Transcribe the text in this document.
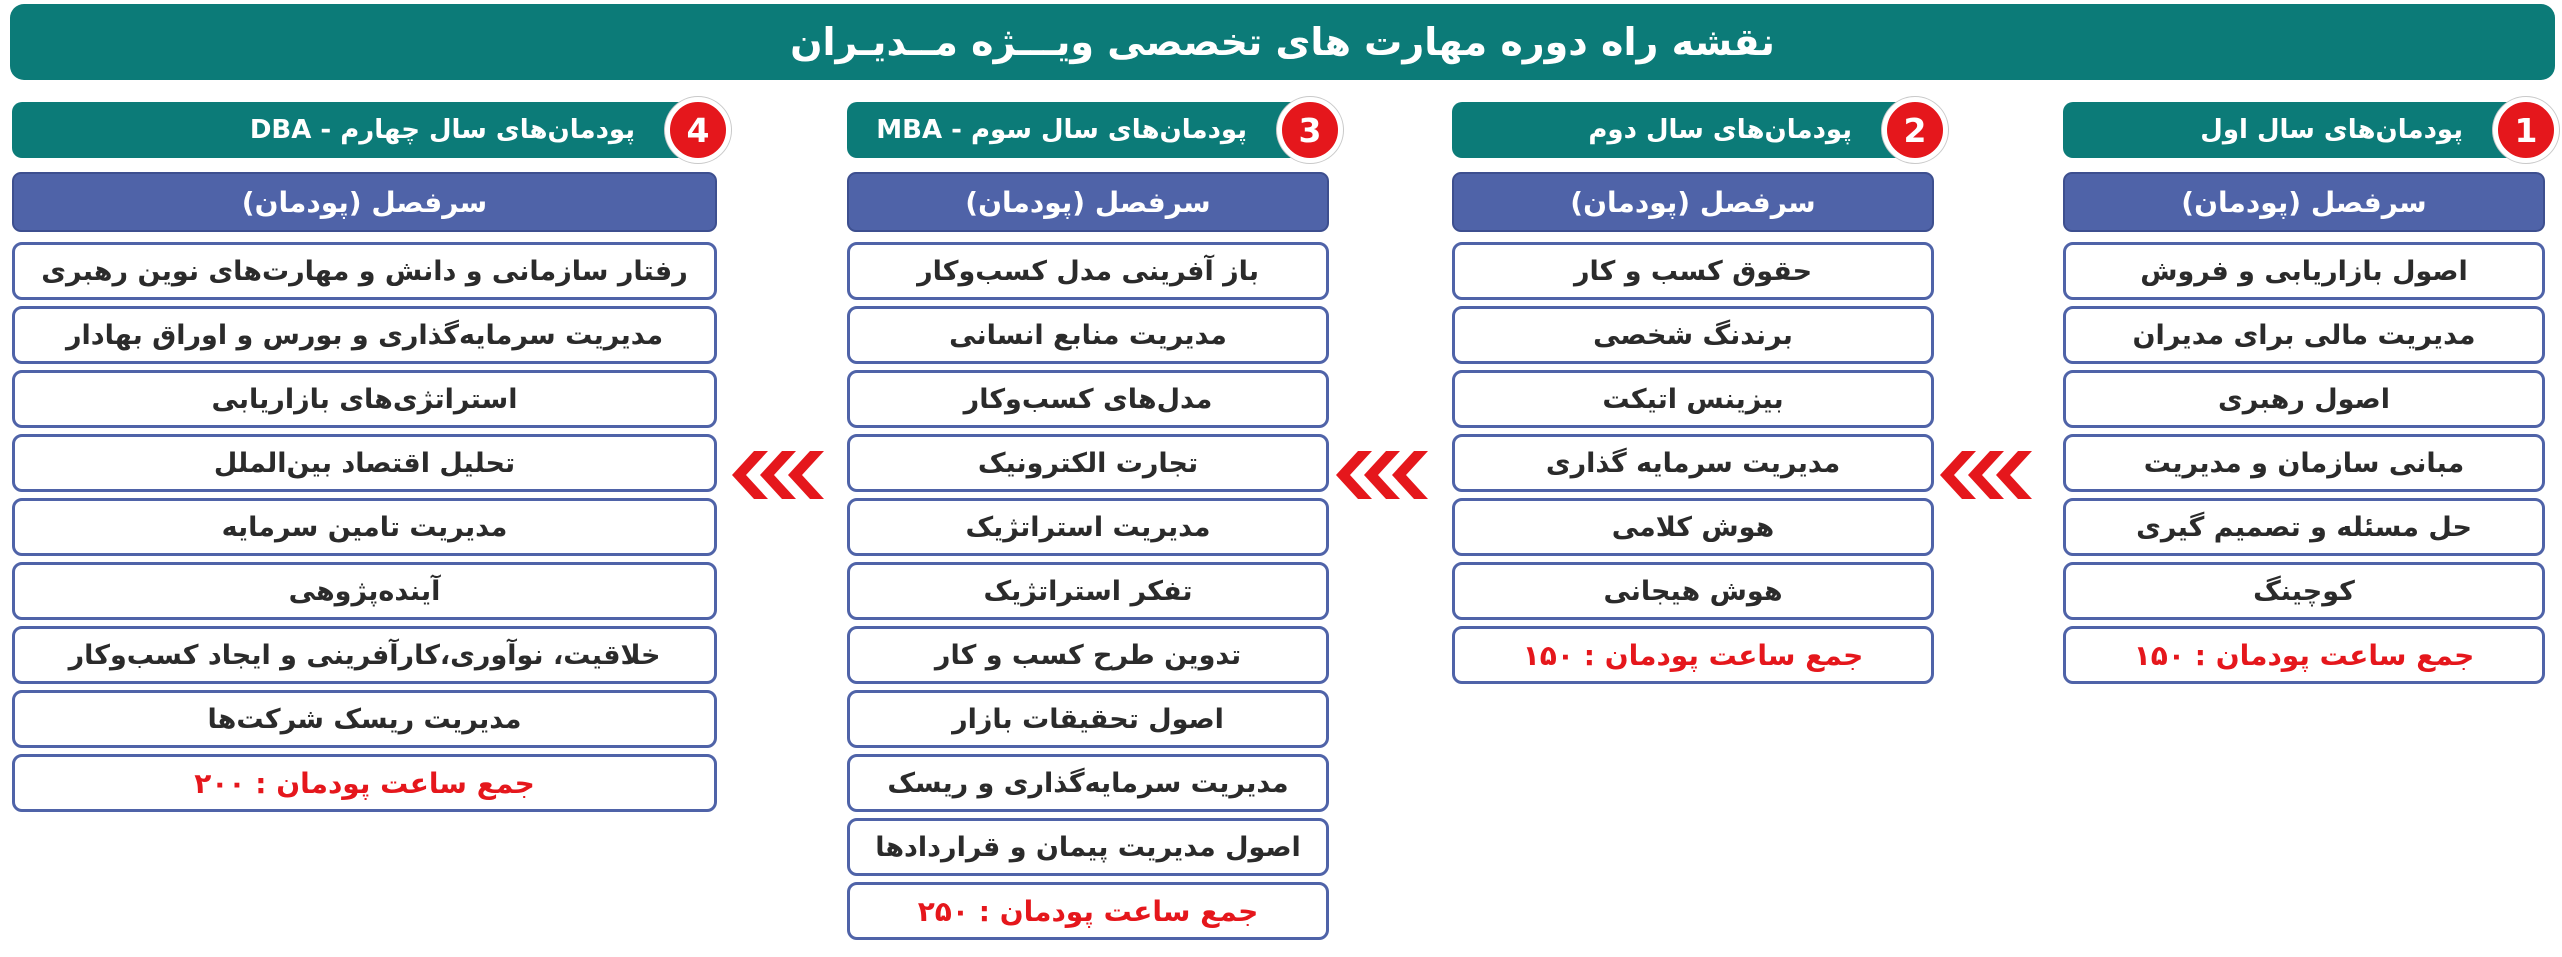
نقشه راه دوره مهارت های تخصصی ویـــژه مــدیـران
پودمان‌های سال اول 1
سرفصل (پودمان)
اصول بازاریابی و فروش
مدیریت مالی برای مدیران
اصول رهبری
مبانی سازمان و مدیریت
حل مسئله و تصمیم گیری
کوچینگ
جمع ساعت پودمان : ۱۵۰
پودمان‌های سال دوم 2
سرفصل (پودمان)
حقوق کسب و کار
برندنگ شخصی
بیزینس اتیکت
مدیریت سرمایه گذاری
هوش کلامی
هوش هیجانی
جمع ساعت پودمان : ۱۵۰
پودمان‌های سال سوم - MBA 3
سرفصل (پودمان)
باز آفرینی مدل کسب‌وکار
مدیریت منابع انسانی
مدل‌های کسب‌وکار
تجارت الکترونیک
مدیریت استراتژیک
تفکر استراتژیک
تدوین طرح کسب و کار
اصول تحقیقات بازار
مدیریت سرمایه‌گذاری و ریسک
اصول مدیریت پیمان و قراردادها
جمع ساعت پودمان : ۲۵۰
پودمان‌های سال چهارم - DBA 4
سرفصل (پودمان)
رفتار سازمانی و دانش و مهارت‌های نوین رهبری
مدیریت سرمایه‌گذاری و بورس و اوراق بهادار
استراتژی‌های بازاریابی
تحلیل اقتصاد بین‌الملل
مدیریت تامین سرمایه
آینده‌پژوهی
خلاقیت، نوآوری،کارآفرینی و ایجاد کسب‌وکار
مدیریت ریسک شرکت‌ها
جمع ساعت پودمان : ۲۰۰
